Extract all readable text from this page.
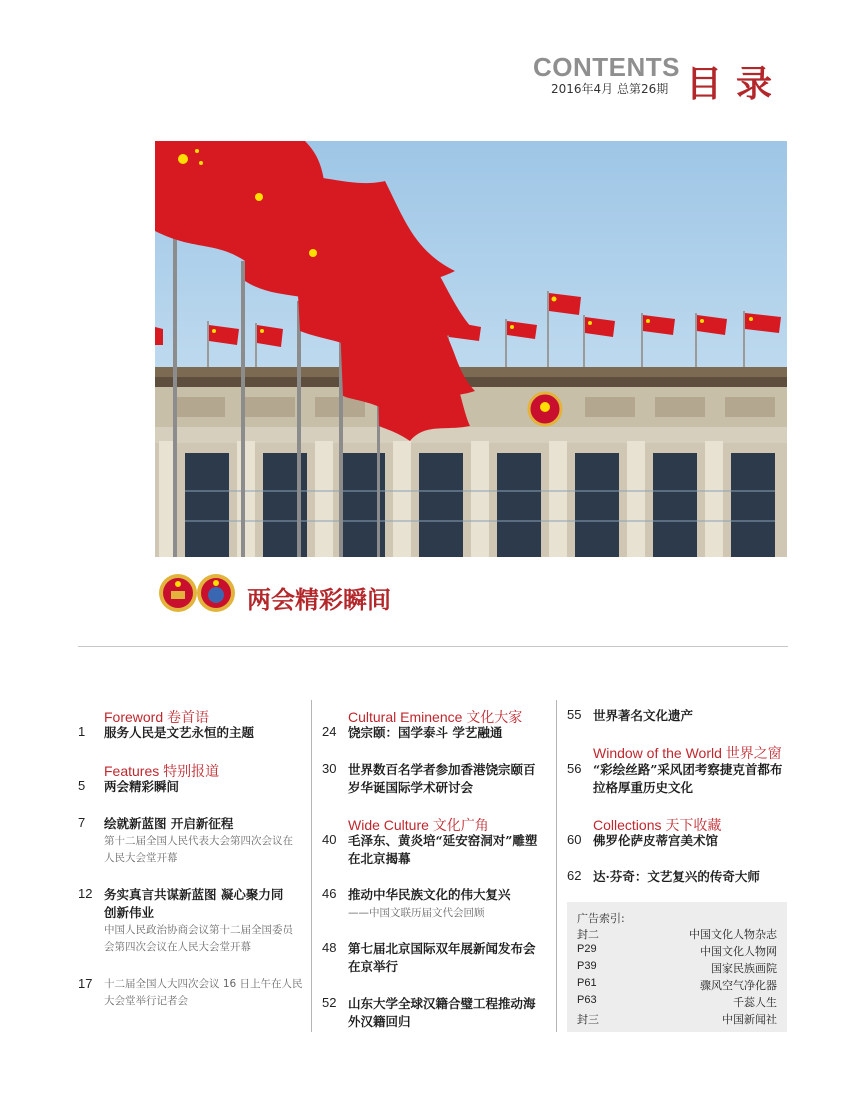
CONTENTS
2016年4月 总第26期 目录
两会精彩瞬间
Foreword 卷首语
1 服务人民是文艺永恒的主题
Features 特别报道
5 两会精彩瞬间
7 绘就新蓝图 开启新征程
第十二届全国人民代表大会第四次会议在
人民大会堂开幕
12 务实真言共谋新蓝图 凝心聚力同
创新伟业
中国人民政治协商会议第十二届全国委员
会第四次会议在人民大会堂开幕
17 十二届全国人大四次会议 16 日上午在人民
大会堂举行记者会
Cultural Eminence 文化大家
24 饶宗颐：国学泰斗 学艺融通
30 世界数百名学者参加香港饶宗颐百
岁华诞国际学术研讨会
Wide Culture 文化广角
40 毛泽东、黄炎培“延安窑洞对”雕塑
在北京揭幕
46 推动中华民族文化的伟大复兴
——中国文联历届文代会回顾
48 第七届北京国际双年展新闻发布会
在京举行
52 山东大学全球汉籍合璧工程推动海
外汉籍回归
55 世界著名文化遗产
Window of the World 世界之窗
56 “彩绘丝路”采风团考察捷克首都布
拉格厚重历史文化
Collections 天下收藏
60 佛罗伦萨皮蒂宫美术馆
62 达·芬奇：文艺复兴的传奇大师
广告索引:
封二	中国文化人物杂志
P29	中国文化人物网
P39	国家民族画院
P61	骤风空气净化器
P63	千蕊人生
封三	中国新闻社
